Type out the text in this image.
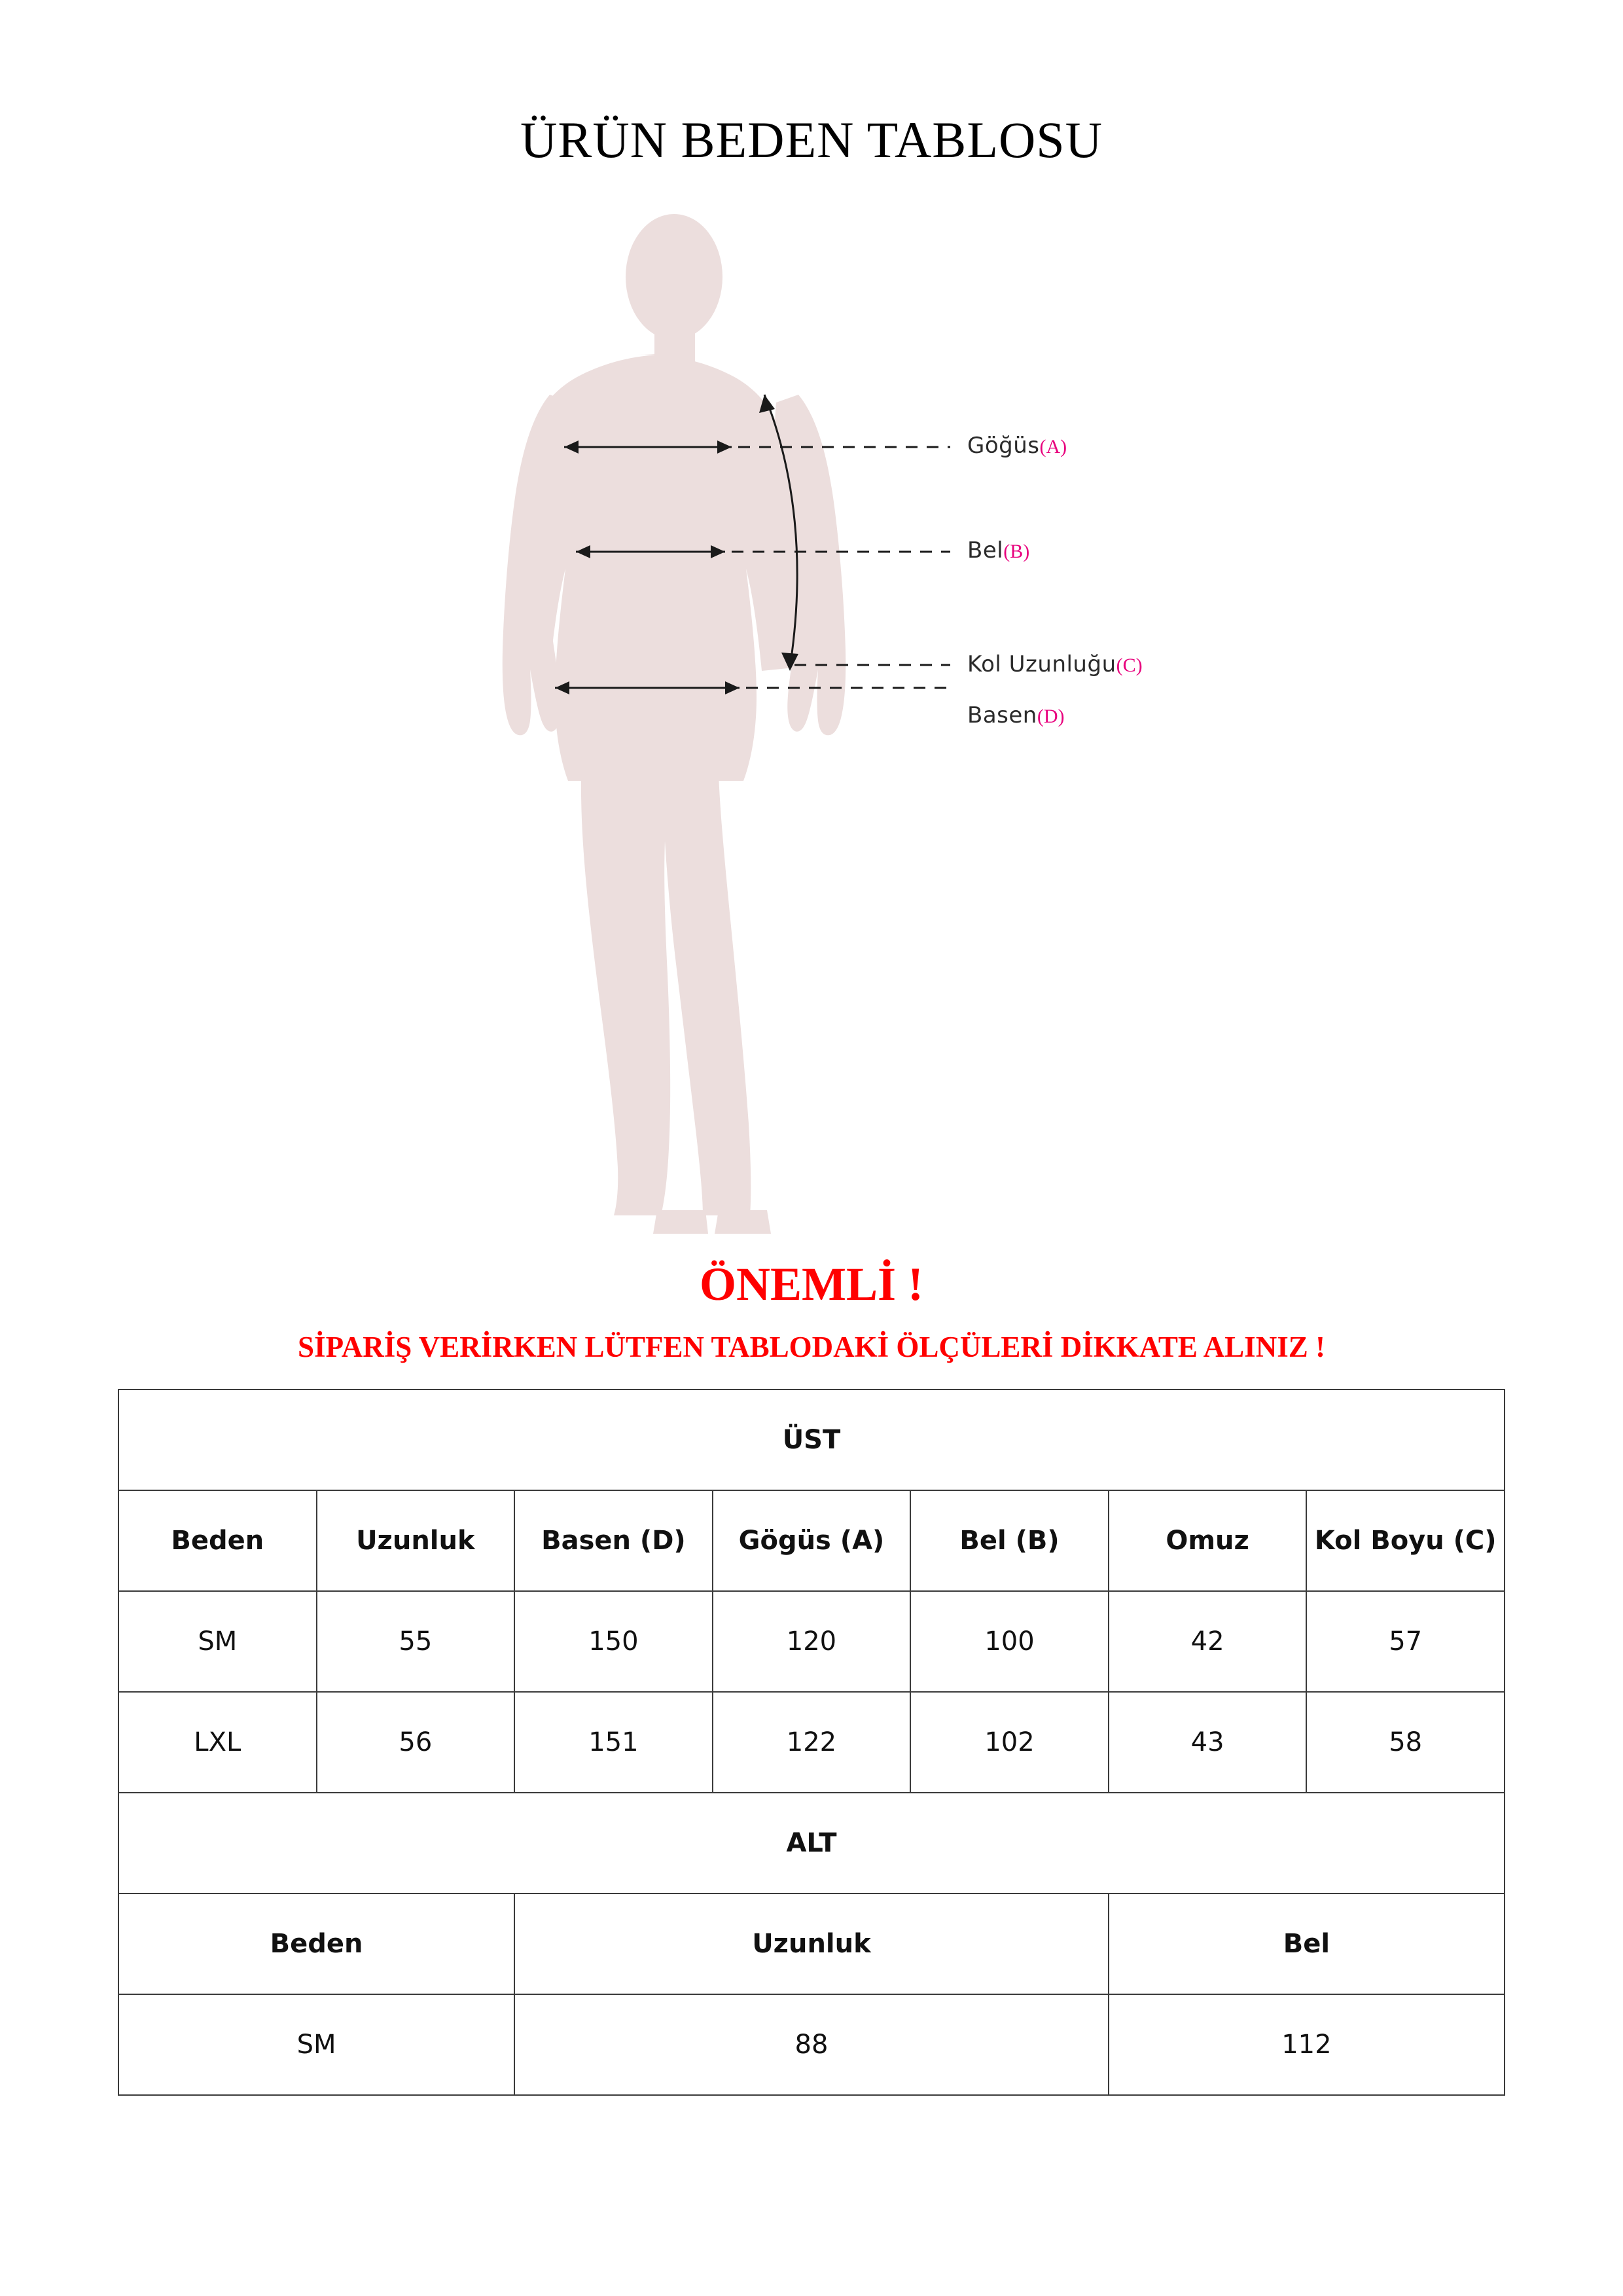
ÜRÜN BEDEN TABLOSU
Göğüs(A)
Bel(B)
Kol Uzunluğu(C)
Basen(D)
ÖNEMLİ !
SİPARİŞ VERİRKEN LÜTFEN TABLODAKİ ÖLÇÜLERİ DİKKATE ALINIZ !
ÜST						
Beden	Uzunluk	Basen (D)	Gögüs (A)	Bel (B)	Omuz	Kol Boyu (C)
SM	55	150	120	100	42	57
LXL	56	151	122	102	43	58
ALT						
Beden		Uzunluk			Bel	
SM		88			112	
